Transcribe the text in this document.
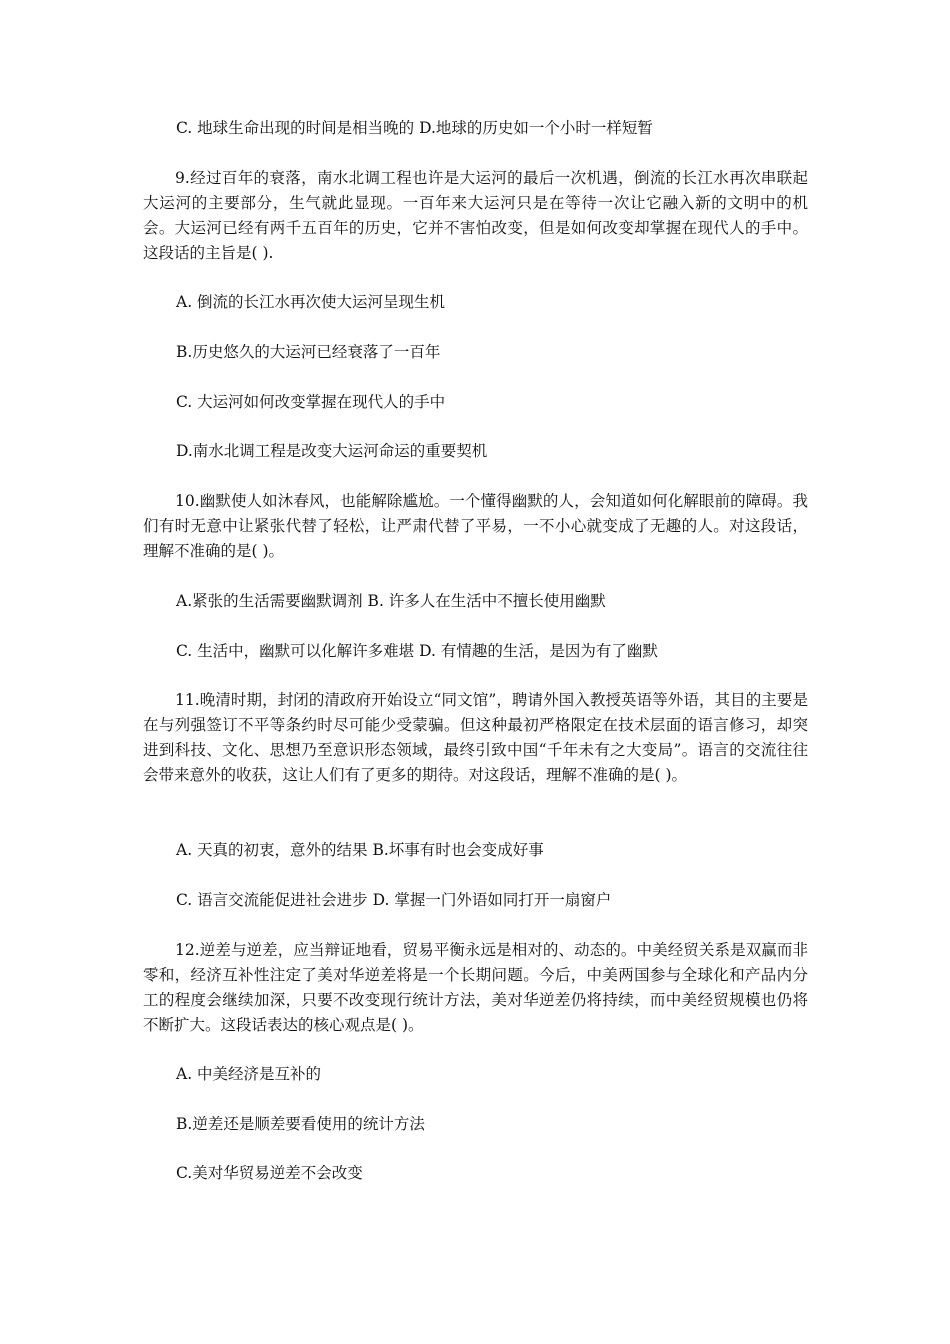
C. 地球生命出现的时间是相当晚的 D.地球的历史如一个小时一样短暂
9.经过百年的衰落，南水北调工程也许是大运河的最后一次机遇，倒流的长江水再次串联起大运河的主要部分，生气就此显现。一百年来大运河只是在等待一次让它融入新的文明中的机会。大运河已经有两千五百年的历史，它并不害怕改变，但是如何改变却掌握在现代人的手中。这段话的主旨是( ).
A. 倒流的长江水再次使大运河呈现生机
B.历史悠久的大运河已经衰落了一百年
C. 大运河如何改变掌握在现代人的手中
D.南水北调工程是改变大运河命运的重要契机
10.幽默使人如沐春风，也能解除尴尬。一个懂得幽默的人，会知道如何化解眼前的障碍。我们有时无意中让紧张代替了轻松，让严肃代替了平易，一不小心就变成了无趣的人。对这段话，理解不准确的是( )。
A.紧张的生活需要幽默调剂 B. 许多人在生活中不擅长使用幽默
C. 生活中，幽默可以化解许多难堪 D. 有情趣的生活，是因为有了幽默
11.晚清时期，封闭的清政府开始设立“同文馆”，聘请外国入教授英语等外语，其目的主要是在与列强签订不平等条约时尽可能少受蒙骗。但这种最初严格限定在技术层面的语言修习，却突进到科技、文化、思想乃至意识形态领域，最终引致中国“千年未有之大变局”。语言的交流往往会带来意外的收获，这让人们有了更多的期待。对这段话，理解不准确的是( )。
A. 天真的初衷，意外的结果 B.坏事有时也会变成好事
C. 语言交流能促进社会进步 D. 掌握一门外语如同打开一扇窗户
12.逆差与逆差，应当辩证地看，贸易平衡永远是相对的、动态的。中美经贸关系是双赢而非零和，经济互补性注定了美对华逆差将是一个长期问题。今后，中美两国参与全球化和产品内分工的程度会继续加深，只要不改变现行统计方法，美对华逆差仍将持续，而中美经贸规模也仍将不断扩大。这段话表达的核心观点是( )。
A. 中美经济是互补的
B.逆差还是顺差要看使用的统计方法
C.美对华贸易逆差不会改变
